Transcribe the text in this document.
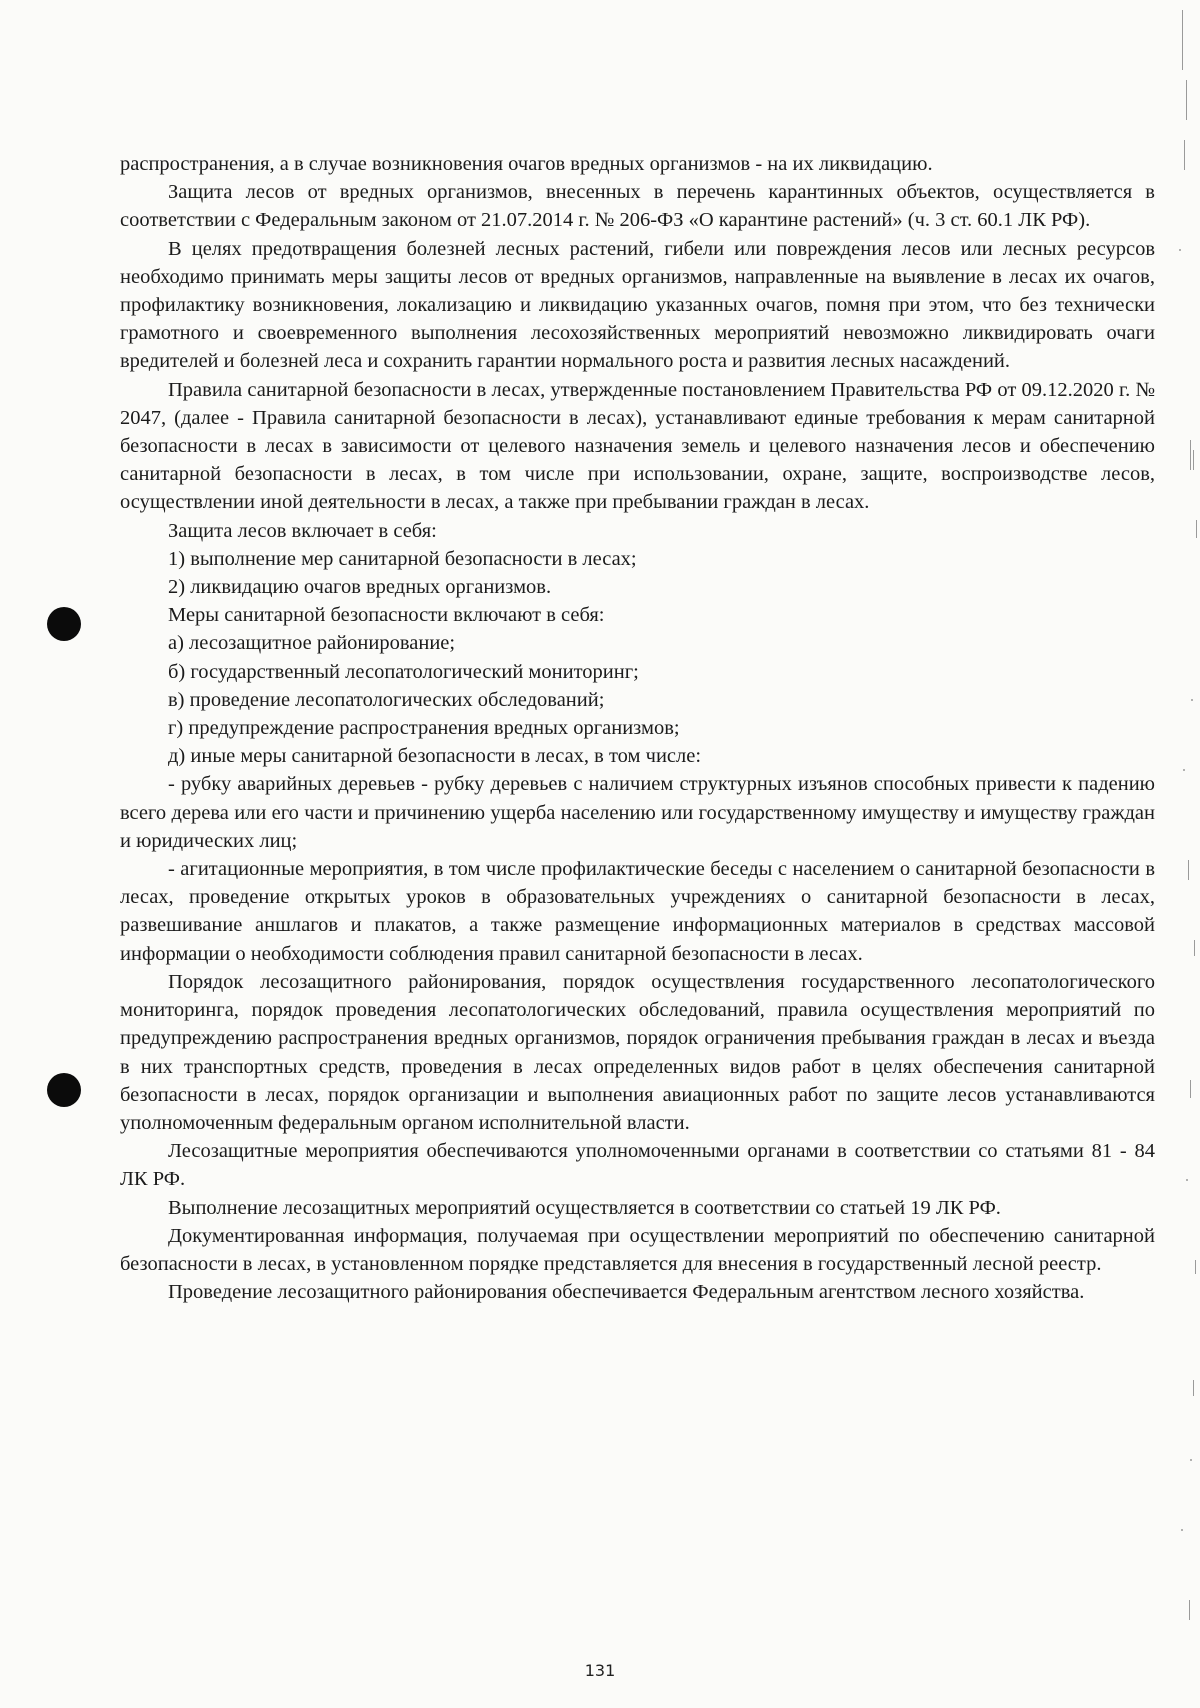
распространения, а в случае возникновения очагов вредных организмов - на их ликвидацию.

Защита лесов от вредных организмов, внесенных в перечень карантинных объектов, осуществляется в соответствии с Федеральным законом от 21.07.2014 г. № 206-ФЗ «О карантине растений» (ч. 3 ст. 60.1 ЛК РФ).

В целях предотвращения болезней лесных растений, гибели или повреждения лесов или лесных ресурсов необходимо принимать меры защиты лесов от вредных организмов, направленные на выявление в лесах их очагов, профилактику возникновения, локализацию и ликвидацию указанных очагов, помня при этом, что без технически грамотного и своевременного выполнения лесохозяйственных мероприятий невозможно ликвидировать очаги вредителей и болезней леса и сохранить гарантии нормального роста и развития лесных насаждений.

Правила санитарной безопасности в лесах, утвержденные постановлением Правительства РФ от 09.12.2020 г. № 2047, (далее - Правила санитарной безопасности в лесах), устанавливают единые требования к мерам санитарной безопасности в лесах в зависимости от целевого назначения земель и целевого назначения лесов и обеспечению санитарной безопасности в лесах, в том числе при использовании, охране, защите, воспроизводстве лесов, осуществлении иной деятельности в лесах, а также при пребывании граждан в лесах.

Защита лесов включает в себя:

1) выполнение мер санитарной безопасности в лесах;

2) ликвидацию очагов вредных организмов.

Меры санитарной безопасности включают в себя:

а) лесозащитное районирование;

б) государственный лесопатологический мониторинг;

в) проведение лесопатологических обследований;

г) предупреждение распространения вредных организмов;

д) иные меры санитарной безопасности в лесах, в том числе:

- рубку аварийных деревьев - рубку деревьев с наличием структурных изъянов способных привести к падению всего дерева или его части и причинению ущерба населению или государственному имуществу и имуществу граждан и юридических лиц;

- агитационные мероприятия, в том числе профилактические беседы с населением о санитарной безопасности в лесах, проведение открытых уроков в образовательных учреждениях о санитарной безопасности в лесах, развешивание аншлагов и плакатов, а также размещение информационных материалов в средствах массовой информации о необходимости соблюдения правил санитарной безопасности в лесах.

Порядок лесозащитного районирования, порядок осуществления государственного лесопатологического мониторинга, порядок проведения лесопатологических обследований, правила осуществления мероприятий по предупреждению распространения вредных организмов, порядок ограничения пребывания граждан в лесах и въезда в них транспортных средств, проведения в лесах определенных видов работ в целях обеспечения санитарной безопасности в лесах, порядок организации и выполнения авиационных работ по защите лесов устанавливаются уполномоченным федеральным органом исполнительной власти.

Лесозащитные мероприятия обеспечиваются уполномоченными органами в соответствии со статьями 81 - 84 ЛК РФ.

Выполнение лесозащитных мероприятий осуществляется в соответствии со статьей 19 ЛК РФ.

Документированная информация, получаемая при осуществлении мероприятий по обеспечению санитарной безопасности в лесах, в установленном порядке представляется для внесения в государственный лесной реестр.

Проведение лесозащитного районирования обеспечивается Федеральным агентством лесного хозяйства.

131
